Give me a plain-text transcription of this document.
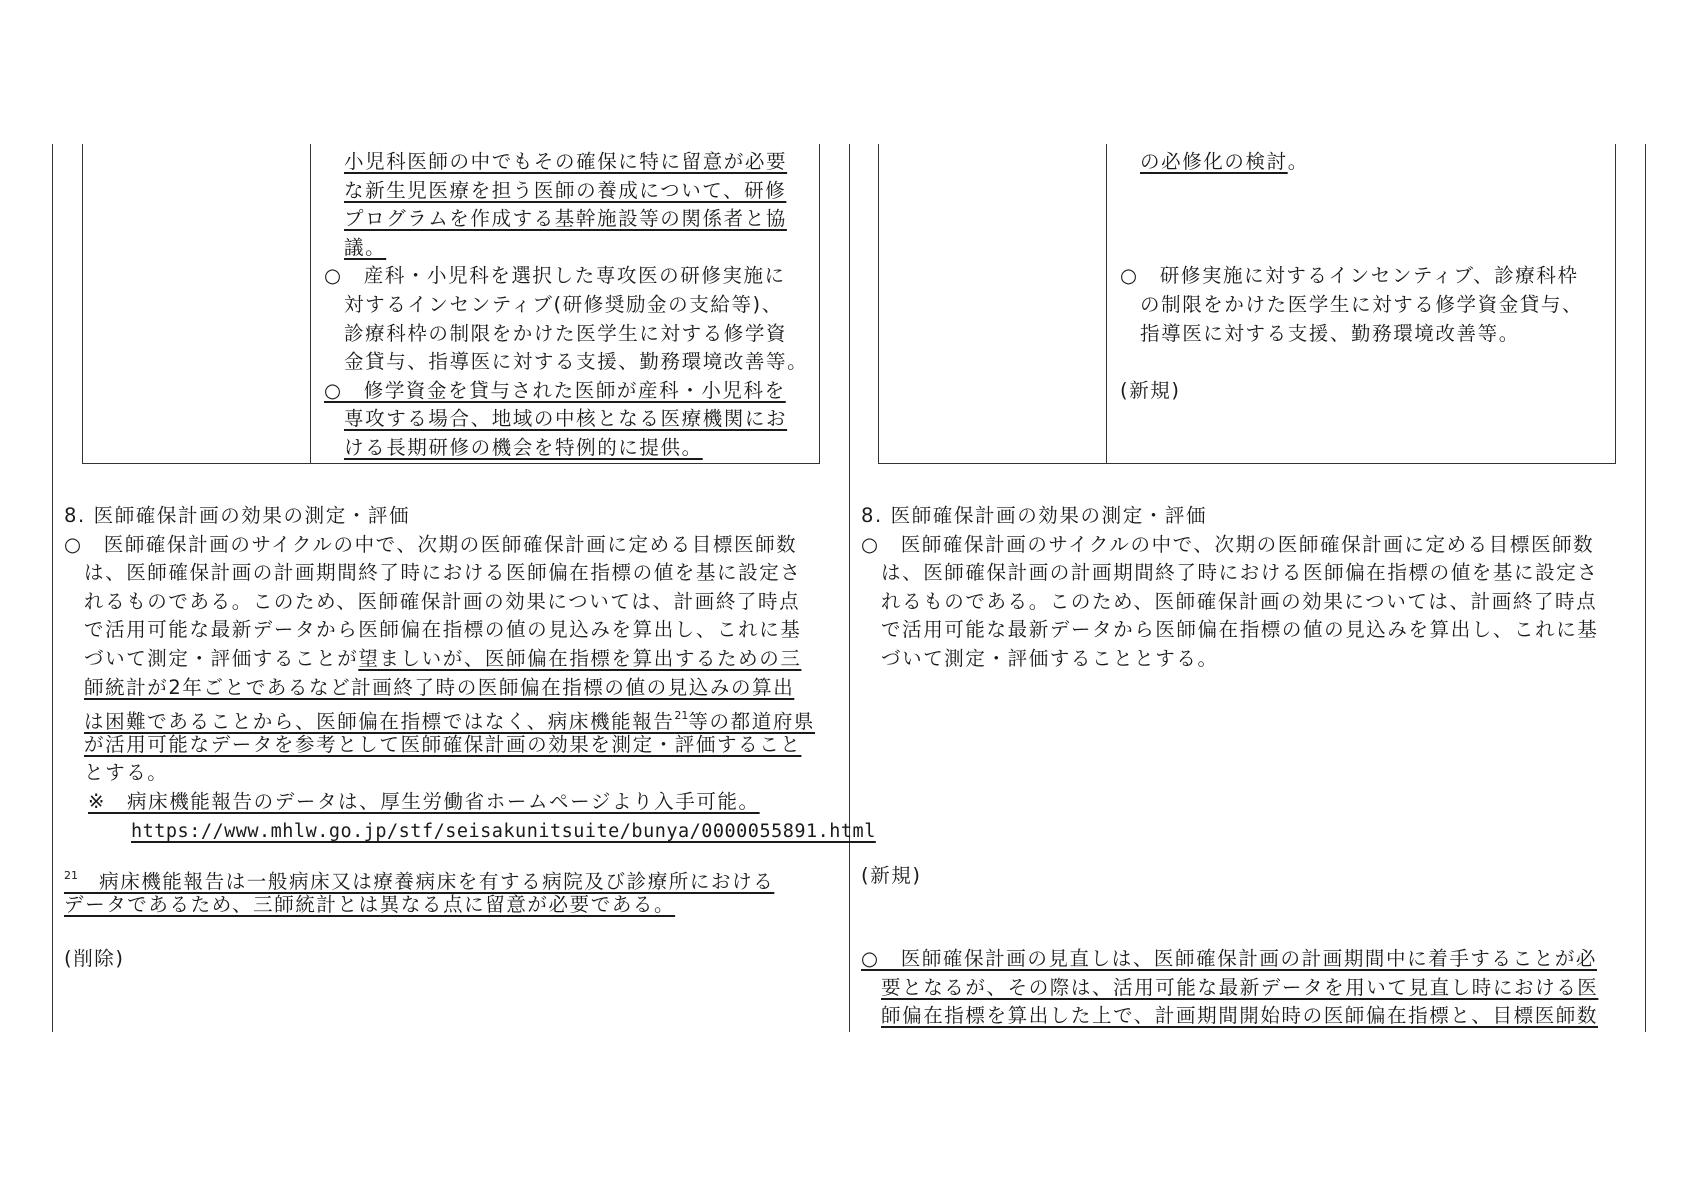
小児科医師の中でもその確保に特に留意が必要
な新生児医療を担う医師の養成について、研修
プログラムを作成する基幹施設等の関係者と協
議。
○　産科・小児科を選択した専攻医の研修実施に
対するインセンティブ(研修奨励金の支給等)、
診療科枠の制限をかけた医学生に対する修学資
金貸与、指導医に対する支援、勤務環境改善等。
○　修学資金を貸与された医師が産科・小児科を
専攻する場合、地域の中核となる医療機関にお
ける長期研修の機会を特例的に提供。
8. 医師確保計画の効果の測定・評価
○　医師確保計画のサイクルの中で、次期の医師確保計画に定める目標医師数
は、医師確保計画の計画期間終了時における医師偏在指標の値を基に設定さ
れるものである。このため、医師確保計画の効果については、計画終了時点
で活用可能な最新データから医師偏在指標の値の見込みを算出し、これに基
づいて測定・評価することが望ましいが、医師偏在指標を算出するための三
師統計が2年ごとであるなど計画終了時の医師偏在指標の値の見込みの算出
は困難であることから、医師偏在指標ではなく、病床機能報告$^{21}$等の都道府県
が活用可能なデータを参考として医師確保計画の効果を測定・評価すること
とする。
※　病床機能報告のデータは、厚生労働省ホームページより入手可能。
https://www.mhlw.go.jp/stf/seisakunitsuite/bunya/0000055891.html
$^{21}$　病床機能報告は一般病床又は療養病床を有する病院及び診療所における
データであるため、三師統計とは異なる点に留意が必要である。
(削除)
の必修化の検討。
○　研修実施に対するインセンティブ、診療科枠
の制限をかけた医学生に対する修学資金貸与、
指導医に対する支援、勤務環境改善等。
(新規)
8. 医師確保計画の効果の測定・評価
○　医師確保計画のサイクルの中で、次期の医師確保計画に定める目標医師数
は、医師確保計画の計画期間終了時における医師偏在指標の値を基に設定さ
れるものである。このため、医師確保計画の効果については、計画終了時点
で活用可能な最新データから医師偏在指標の値の見込みを算出し、これに基
づいて測定・評価することとする。
(新規)
○　医師確保計画の見直しは、医師確保計画の計画期間中に着手することが必
要となるが、その際は、活用可能な最新データを用いて見直し時における医
師偏在指標を算出した上で、計画期間開始時の医師偏在指標と、目標医師数
